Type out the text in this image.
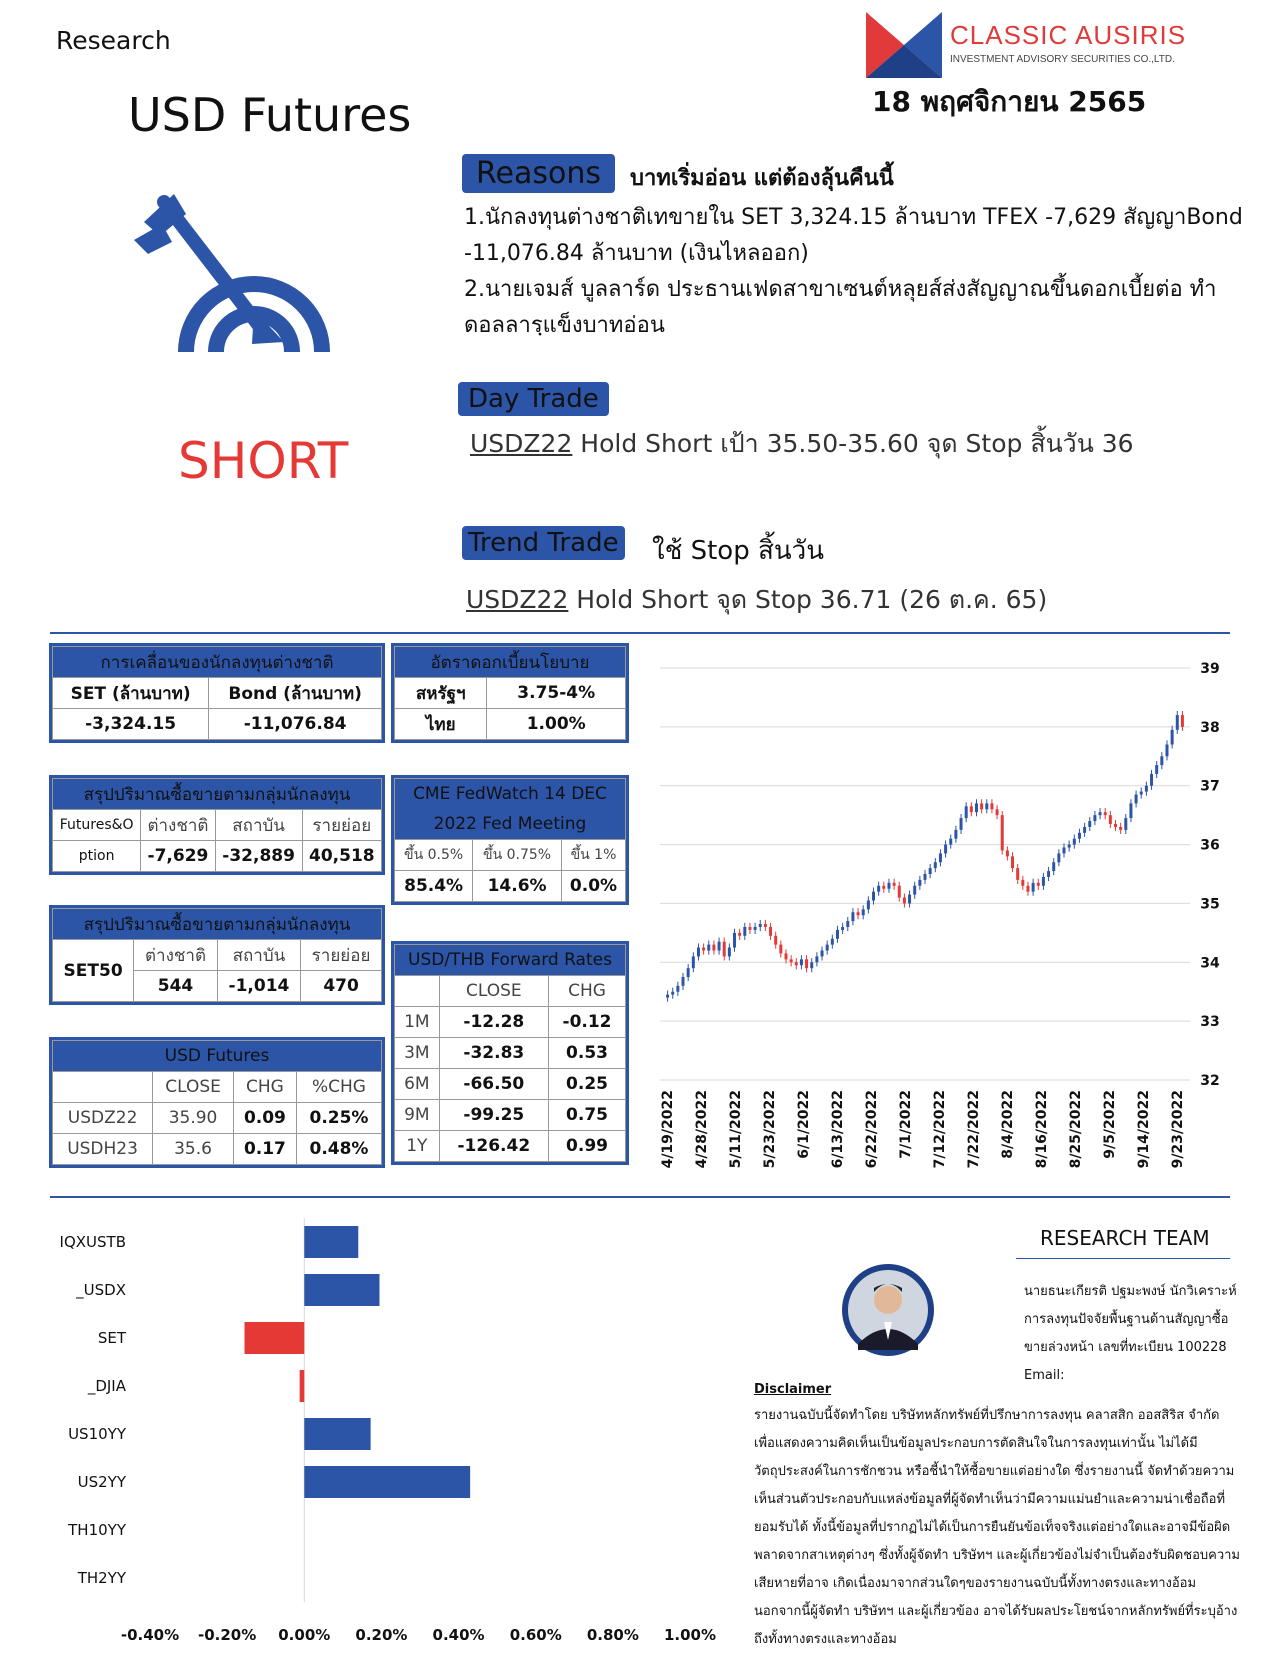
Research
USD Futures
CLASSIC AUSIRIS
INVESTMENT ADVISORY SECURITIES CO.,LTD.
18 พฤศจิกายน 2565
SHORT
Reasons	บาทเริ่มอ่อน แต่ต้องลุ้นคืนนี้
1.นักลงทุนต่างชาติเทขายใน SET 3,324.15 ล้านบาท TFEX -7,629 สัญญาBond -11,076.84 ล้านบาท (เงินไหลออก)
2.นายเจมส์ บูลลาร์ด ประธานเฟดสาขาเซนต์หลุยส์ส่งสัญญาณขึ้นดอกเบี้ยต่อ ทำดอลลารฺแข็งบาทอ่อน
Day Trade
USDZ22 Hold Short เป้า 35.50-35.60 จุด Stop สิ้นวัน 36
Trend Trade ใช้ Stop สิ้นวัน
USDZ22 Hold Short จุด Stop 36.71 (26 ต.ค. 65)
การเคลื่อนของนักลงทุนต่างชาติ	
SET (ล้านบาท)	Bond (ล้านบาท)
-3,324.15	-11,076.84
อัตราดอกเบี้ยนโยบาย	
สหรัฐฯ	3.75-4%
ไทย	1.00%
สรุปปริมาณซื้อขายตามกลุ่มนักลงทุน			
Futures&O	ต่างชาติ	สถาบัน	รายย่อย
ption	-7,629	-32,889	40,518
CME FedWatch 14 DEC
2022 Fed Meeting		

ขึ้น 0.5%	ขึ้น 0.75%	ขึ้น 1%
85.4%	14.6%	0.0%
สรุปปริมาณซื้อขายตามกลุ่มนักลงทุน			
SET50	ต่างชาติ	สถาบัน	รายย่อย
	544	-1,014	470
USD Futures			
	CLOSE	CHG	%CHG
USDZ22	35.90	0.09	0.25%
USDH23	35.6	0.17	0.48%
USD/THB Forward Rates		
	CLOSE	CHG
1M	-12.28	-0.12
3M	-32.83	0.53
6M	-66.50	0.25
9M	-99.25	0.75
1Y	-126.42	0.99
39
38
37
36
35
34
33
32
4/19/2022 4/28/2022 5/11/2022 5/23/2022 6/1/2022 6/13/2022 6/22/2022 7/1/2022 7/12/2022 7/22/2022 8/4/2022 8/16/2022 8/25/2022 9/5/2022 9/14/2022 9/23/2022
IQXUSTB
_USDX
SET
_DJIA
US10YY
US2YY
TH10YY
TH2YY
-0.40% -0.20% 0.00% 0.20% 0.40% 0.60% 0.80% 1.00%
RESEARCH TEAM
นายธนะเกียรติ ปฐมะพงษ์ นักวิเคราะห์การลงทุนปัจจัยพื้นฐานด้านสัญญาซื้อขายล่วงหน้า เลขที่ทะเบียน 100228 Email:
Disclaimer
รายงานฉบับนี้จัดทำโดย บริษัทหลักทรัพย์ที่ปรึกษาการลงทุน คลาสสิก ออสสิริส จำกัด เพื่อแสดงความคิดเห็นเป็นข้อมูลประกอบการตัดสินใจในการลงทุนเท่านั้น ไม่ได้มีวัตถุประสงค์ในการชักชวน หรือชี้นำให้ซื้อขายแต่อย่างใด ซึ่งรายงานนี้ จัดทำด้วยความเห็นส่วนตัวประกอบกับแหล่งข้อมูลที่ผู้จัดทำเห็นว่ามีความแม่นยำและความน่าเชื่อถือที่ยอมรับได้ ทั้งนี้ข้อมูลที่ปรากฏไม่ได้เป็นการยืนยันข้อเท็จจริงแต่อย่างใดและอาจมีข้อผิดพลาดจากสาเหตุต่างๆ ซึ่งทั้งผู้จัดทำ บริษัทฯ และผู้เกี่ยวข้องไม่จำเป็นต้องรับผิดชอบความเสียหายที่อาจ เกิดเนื่องมาจากส่วนใดๆของรายงานฉบับนี้ทั้งทางตรงและทางอ้อม นอกจากนี้ผู้จัดทำ บริษัทฯ และผู้เกี่ยวข้อง อาจได้รับผลประโยชน์จากหลักทรัพย์ที่ระบุอ้างถึงทั้งทางตรงและทางอ้อม
